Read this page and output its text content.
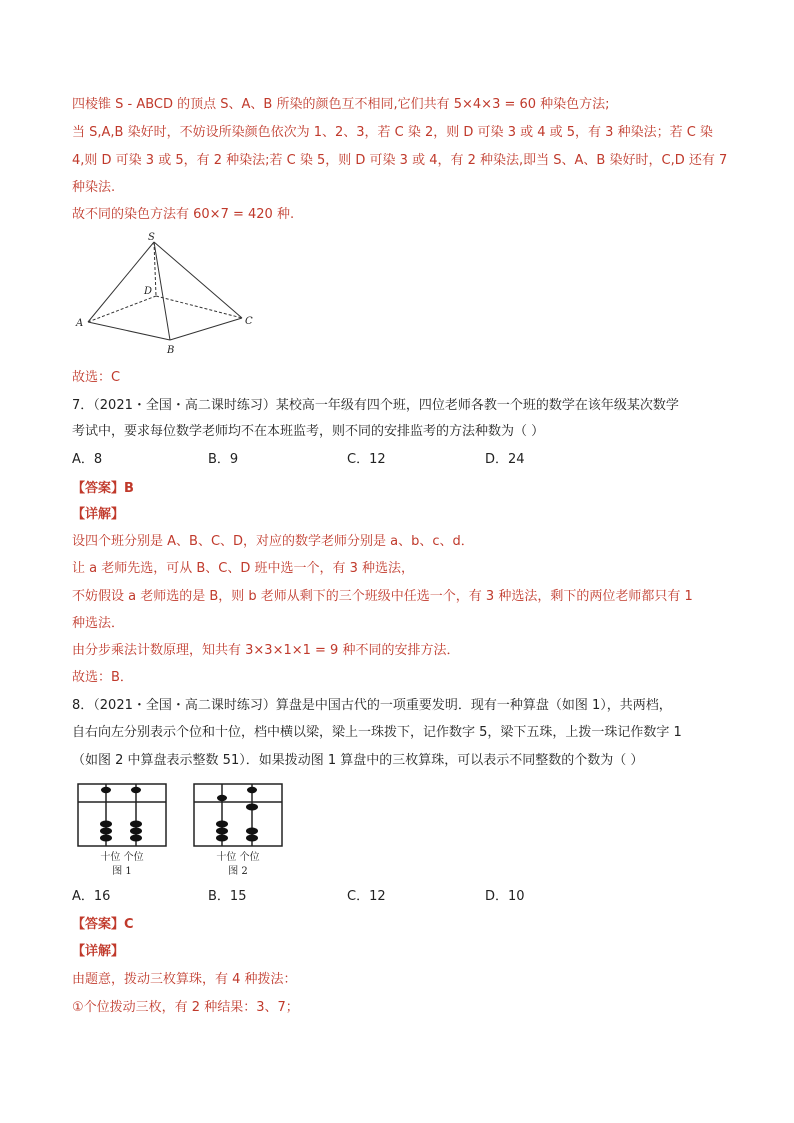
四棱锥 S - ABCD 的顶点 S、A、B 所染的颜色互不相同,它们共有 5×4×3 = 60 种染色方法;
当 S,A,B 染好时，不妨设所染颜色依次为 1、2、3，若 C 染 2，则 D 可染 3 或 4 或 5，有 3 种染法；若 C 染
4,则 D 可染 3 或 5，有 2 种染法;若 C 染 5，则 D 可染 3 或 4，有 2 种染法,即当 S、A、B 染好时，C,D 还有 7
种染法.
故不同的染色方法有 60×7 = 420 种.
S
D
A
B
C
故选：C
7．（2021・全国・高二课时练习）某校高一年级有四个班，四位老师各教一个班的数学在该年级某次数学
考试中，要求每位数学老师均不在本班监考，则不同的安排监考的方法种数为（ ）
A．8	B．9	C．12	D．24
【答案】B
【详解】
设四个班分别是 A、B、C、D，对应的数学老师分别是 a、b、c、d．
让 a 老师先选，可从 B、C、D 班中选一个，有 3 种选法，
不妨假设 a 老师选的是 B，则 b 老师从剩下的三个班级中任选一个，有 3 种选法，剩下的两位老师都只有 1
种选法．
由分步乘法计数原理，知共有 3×3×1×1 = 9 种不同的安排方法．
故选：B．
8．（2021・全国・高二课时练习）算盘是中国古代的一项重要发明．现有一种算盘（如图 1），共两档，
自右向左分别表示个位和十位，档中横以梁，梁上一珠拨下，记作数字 5，梁下五珠，上拨一珠记作数字 1
（如图 2 中算盘表示整数 51）．如果拨动图 1 算盘中的三枚算珠，可以表示不同整数的个数为（ ）
十位 个位
图 1
十位 个位
图 2
A．16	B．15	C．12	D．10
【答案】C
【详解】
由题意，拨动三枚算珠，有 4 种拨法：
①个位拨动三枚，有 2 种结果：3、7；
